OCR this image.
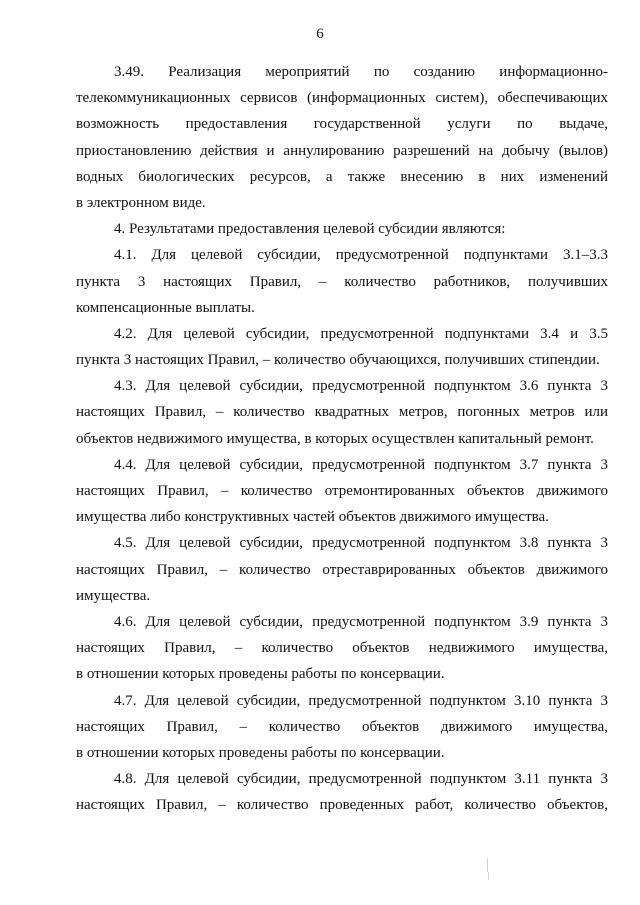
6
3.49. Реализация мероприятий по созданию информационно-
телекоммуникационных сервисов (информационных систем), обеспечивающих
возможность предоставления государственной услуги по выдаче,
приостановлению действия и аннулированию разрешений на добычу (вылов)
водных биологических ресурсов, а также внесению в них изменений
в электронном виде.
4. Результатами предоставления целевой субсидии являются:
4.1. Для целевой субсидии, предусмотренной подпунктами 3.1–3.3
пункта 3 настоящих Правил, – количество работников, получивших
компенсационные выплаты.
4.2. Для целевой субсидии, предусмотренной подпунктами 3.4 и 3.5
пункта 3 настоящих Правил, – количество обучающихся, получивших стипендии.
4.3. Для целевой субсидии, предусмотренной подпунктом 3.6 пункта 3
настоящих Правил, – количество квадратных метров, погонных метров или
объектов недвижимого имущества, в которых осуществлен капитальный ремонт.
4.4. Для целевой субсидии, предусмотренной подпунктом 3.7 пункта 3
настоящих Правил, – количество отремонтированных объектов движимого
имущества либо конструктивных частей объектов движимого имущества.
4.5. Для целевой субсидии, предусмотренной подпунктом 3.8 пункта 3
настоящих Правил, – количество отреставрированных объектов движимого
имущества.
4.6. Для целевой субсидии, предусмотренной подпунктом 3.9 пункта 3
настоящих Правил, – количество объектов недвижимого имущества,
в отношении которых проведены работы по консервации.
4.7. Для целевой субсидии, предусмотренной подпунктом 3.10 пункта 3
настоящих Правил, – количество объектов движимого имущества,
в отношении которых проведены работы по консервации.
4.8. Для целевой субсидии, предусмотренной подпунктом 3.11 пункта 3
настоящих Правил, – количество проведенных работ, количество объектов,
